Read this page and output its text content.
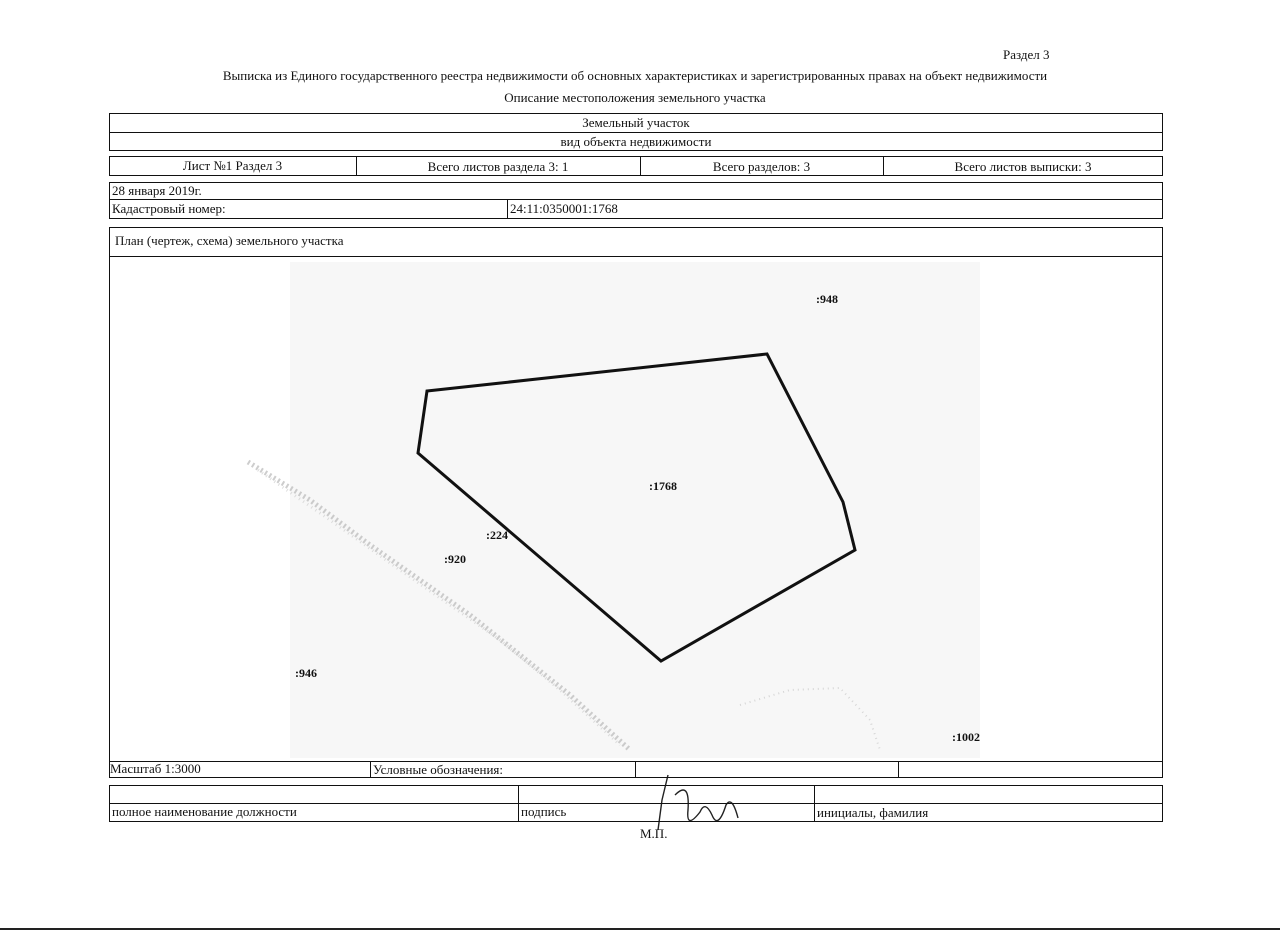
Раздел 3
Выписка из Единого государственного реестра недвижимости об основных характеристиках и зарегистрированных правах на объект недвижимости
Описание местоположения земельного участка
Земельный участок
вид объекта недвижимости
Лист №1 Раздел 3	Всего листов раздела 3: 1	Всего разделов: 3	Всего листов выписки: 3
28 января 2019г.
Кадастровый номер:	24:11:0350001:1768
План (чертеж, схема) земельного участка
:1768
:948
:224
:920
:946
:1002
Масштаб 1:3000	Условные обозначения:
полное наименование должности	подпись	инициалы, фамилия
М.П.
